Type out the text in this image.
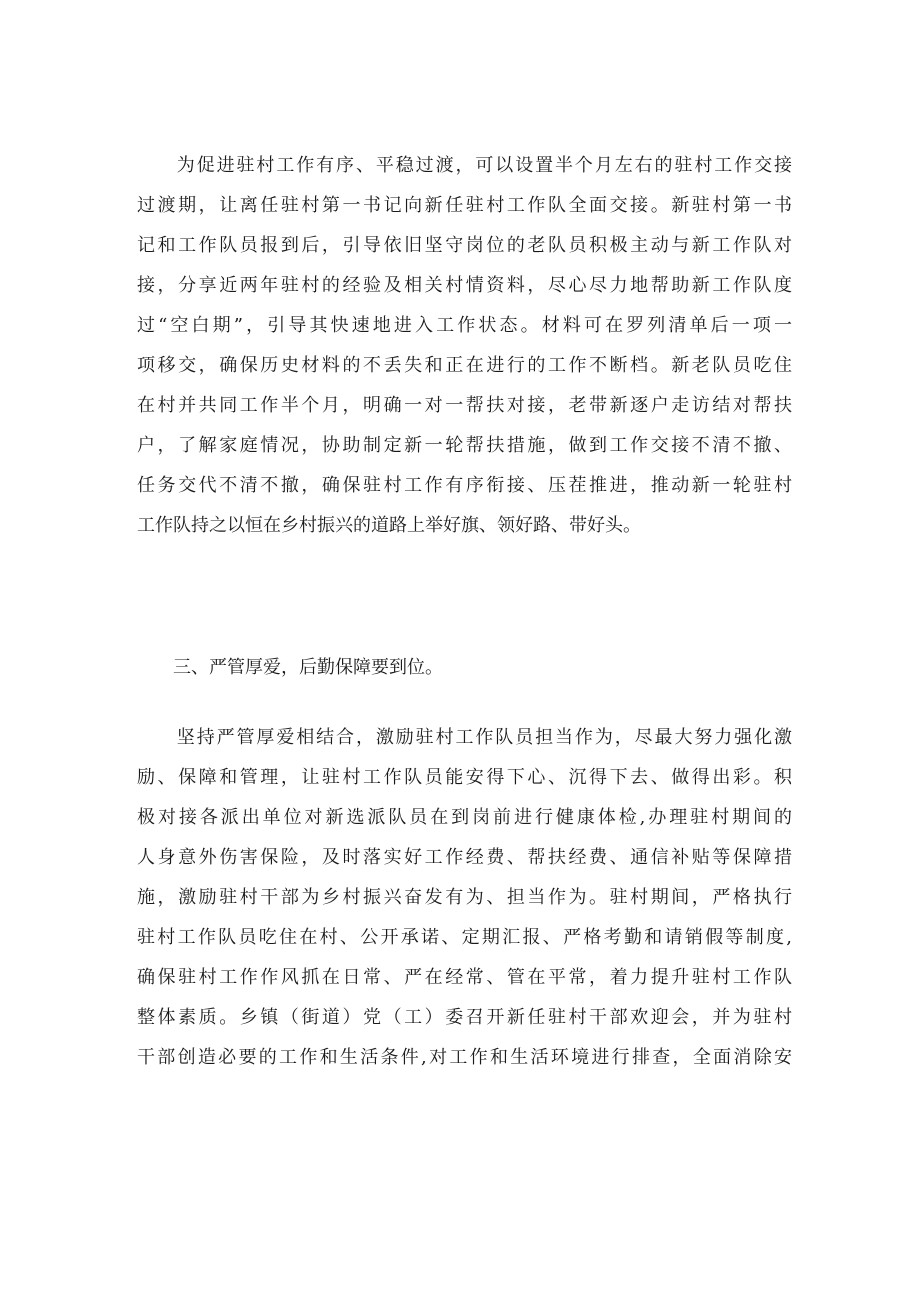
　　为促进驻村工作有序、平稳过渡，可以设置半个月左右的驻村工作交接
过渡期，让离任驻村第一书记向新任驻村工作队全面交接。新驻村第一书
记和工作队员报到后，引导依旧坚守岗位的老队员积极主动与新工作队对
接，分享近两年驻村的经验及相关村情资料，尽心尽力地帮助新工作队度
过“空白期”，引导其快速地进入工作状态。材料可在罗列清单后一项一
项移交，确保历史材料的不丢失和正在进行的工作不断档。新老队员吃住
在村并共同工作半个月，明确一对一帮扶对接，老带新逐户走访结对帮扶
户，了解家庭情况，协助制定新一轮帮扶措施，做到工作交接不清不撤、
任务交代不清不撤，确保驻村工作有序衔接、压茬推进，推动新一轮驻村
工作队持之以恒在乡村振兴的道路上举好旗、领好路、带好头。
　　三、严管厚爱，后勤保障要到位。
　　坚持严管厚爱相结合，激励驻村工作队员担当作为，尽最大努力强化激
励、保障和管理，让驻村工作队员能安得下心、沉得下去、做得出彩。积
极对接各派出单位对新选派队员在到岗前进行健康体检,办理驻村期间的
人身意外伤害保险，及时落实好工作经费、帮扶经费、通信补贴等保障措
施，激励驻村干部为乡村振兴奋发有为、担当作为。驻村期间，严格执行
驻村工作队员吃住在村、公开承诺、定期汇报、严格考勤和请销假等制度,
确保驻村工作作风抓在日常、严在经常、管在平常，着力提升驻村工作队
整体素质。乡镇（街道）党（工）委召开新任驻村干部欢迎会，并为驻村
干部创造必要的工作和生活条件,对工作和生活环境进行排查，全面消除安
